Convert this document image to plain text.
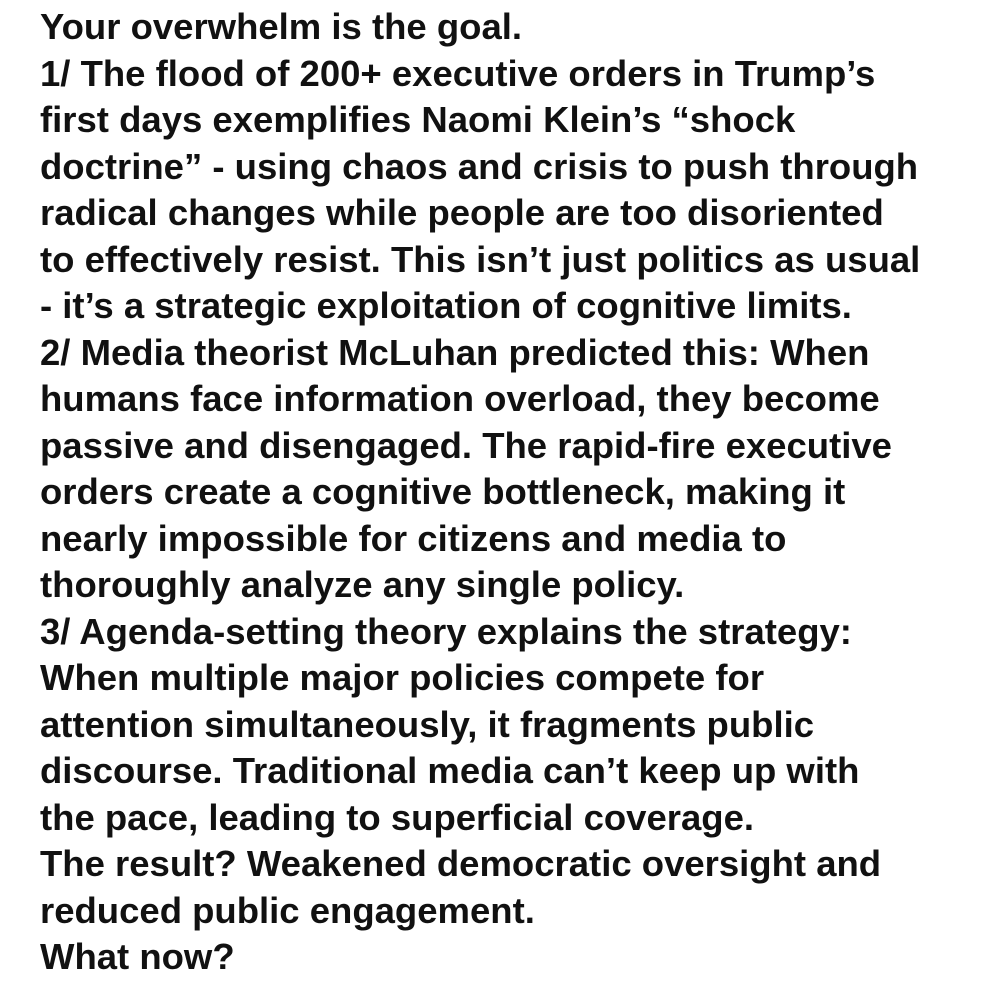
Your overwhelm is the goal.
1/ The flood of 200+ executive orders in Trump’s
first days exemplifies Naomi Klein’s “shock
doctrine” - using chaos and crisis to push through
radical changes while people are too disoriented
to effectively resist. This isn’t just politics as usual
- it’s a strategic exploitation of cognitive limits.
2/ Media theorist McLuhan predicted this: When
humans face information overload, they become
passive and disengaged. The rapid-fire executive
orders create a cognitive bottleneck, making it
nearly impossible for citizens and media to
thoroughly analyze any single policy.
3/ Agenda-setting theory explains the strategy:
When multiple major policies compete for
attention simultaneously, it fragments public
discourse. Traditional media can’t keep up with
the pace, leading to superficial coverage.
The result? Weakened democratic oversight and
reduced public engagement.
What now?
